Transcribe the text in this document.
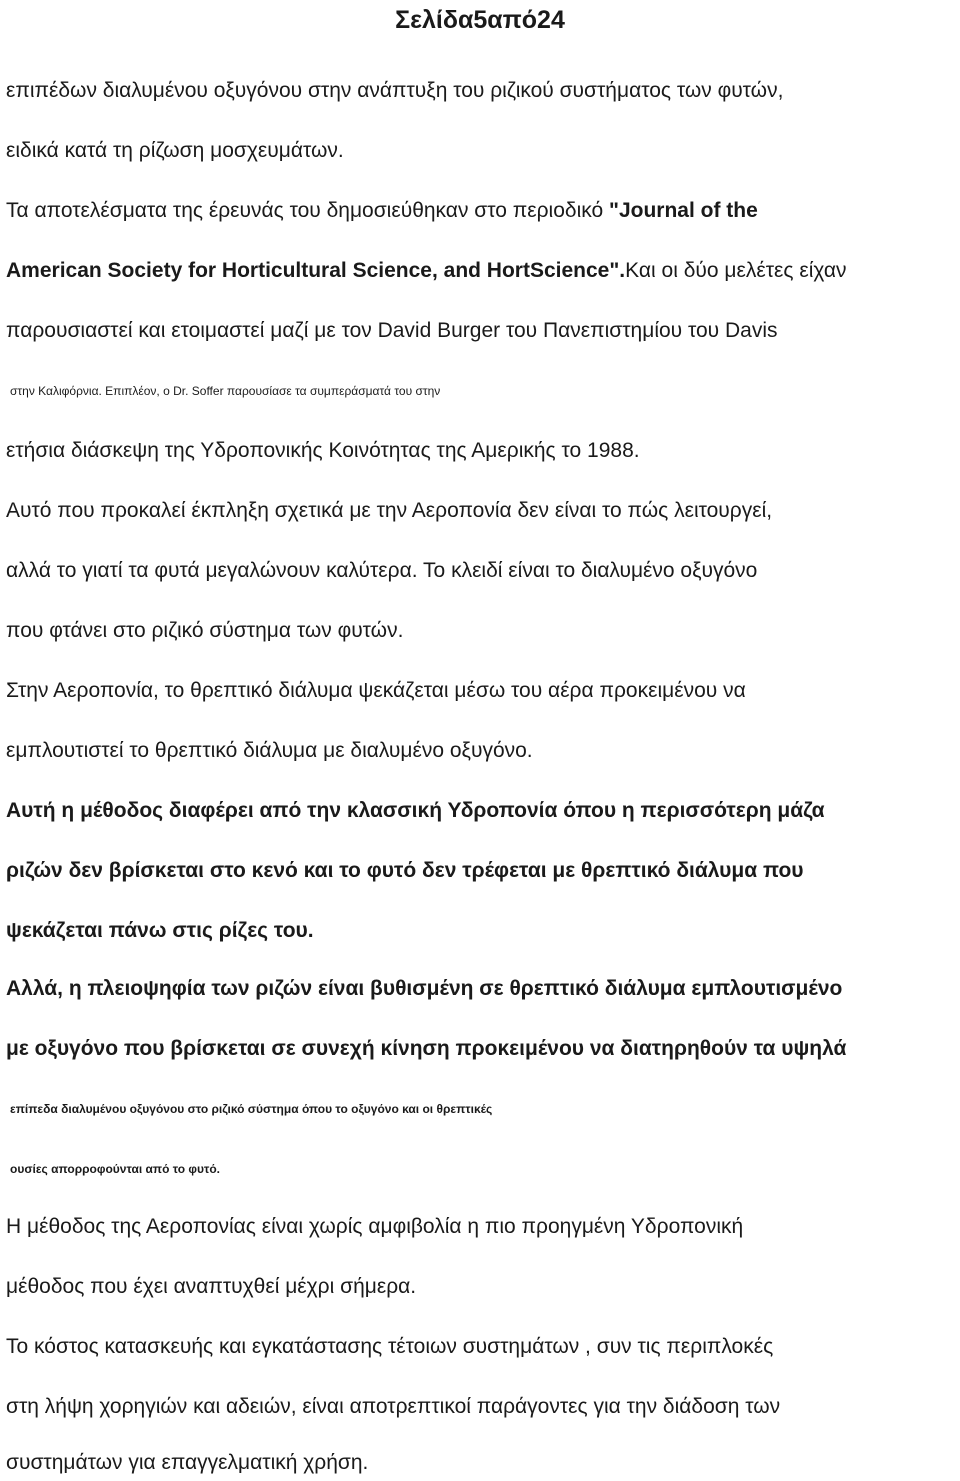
Σελίδα5από24
επιπέδων διαλυμένου οξυγόνου στην ανάπτυξη του ριζικού συστήματος των φυτών,
ειδικά κατά τη ρίζωση μοσχευμάτων.
Τα αποτελέσματα της έρευνάς του δημοσιεύθηκαν στο περιοδικό "Journal of the
American Society for Horticultural Science, and HortScience".Και οι δύο μελέτες είχαν
παρουσιαστεί και ετοιμαστεί μαζί με τον David Burger του Πανεπιστημίου του Davis
στην Καλιφόρνια. Επιπλέον, ο Dr. Soffer παρουσίασε τα συμπεράσματά του στην
ετήσια διάσκεψη της Υδροπονικής Κοινότητας της Αμερικής το 1988.
Αυτό που προκαλεί έκπληξη σχετικά με την Αεροπονία δεν είναι το πώς λειτουργεί,
αλλά το γιατί τα φυτά μεγαλώνουν καλύτερα. Το κλειδί είναι το διαλυμένο οξυγόνο
που φτάνει στο ριζικό σύστημα των φυτών.
Στην Αεροπονία, το θρεπτικό διάλυμα ψεκάζεται μέσω του αέρα προκειμένου να
εμπλουτιστεί το θρεπτικό διάλυμα με διαλυμένο οξυγόνο.
Αυτή η μέθοδος διαφέρει από την κλασσική Υδροπονία όπου η περισσότερη μάζα
ριζών δεν βρίσκεται στο κενό και το φυτό δεν τρέφεται με θρεπτικό διάλυμα που
ψεκάζεται πάνω στις ρίζες του.
Αλλά, η πλειοψηφία των ριζών είναι βυθισμένη σε θρεπτικό διάλυμα εμπλουτισμένο
με οξυγόνο που βρίσκεται σε συνεχή κίνηση προκειμένου να διατηρηθούν τα υψηλά
επίπεδα διαλυμένου οξυγόνου στο ριζικό σύστημα όπου το οξυγόνο και οι θρεπτικές
ουσίες απορροφούνται από το φυτό.
Η μέθοδος της Αεροπονίας είναι χωρίς αμφιβολία η πιο προηγμένη Υδροπονική
μέθοδος που έχει αναπτυχθεί μέχρι σήμερα.
Το κόστος κατασκευής και εγκατάστασης τέτοιων συστημάτων , συν τις περιπλοκές
στη λήψη χορηγιών και αδειών, είναι αποτρεπτικοί παράγοντες για την διάδοση των
συστημάτων για επαγγελματική χρήση.
